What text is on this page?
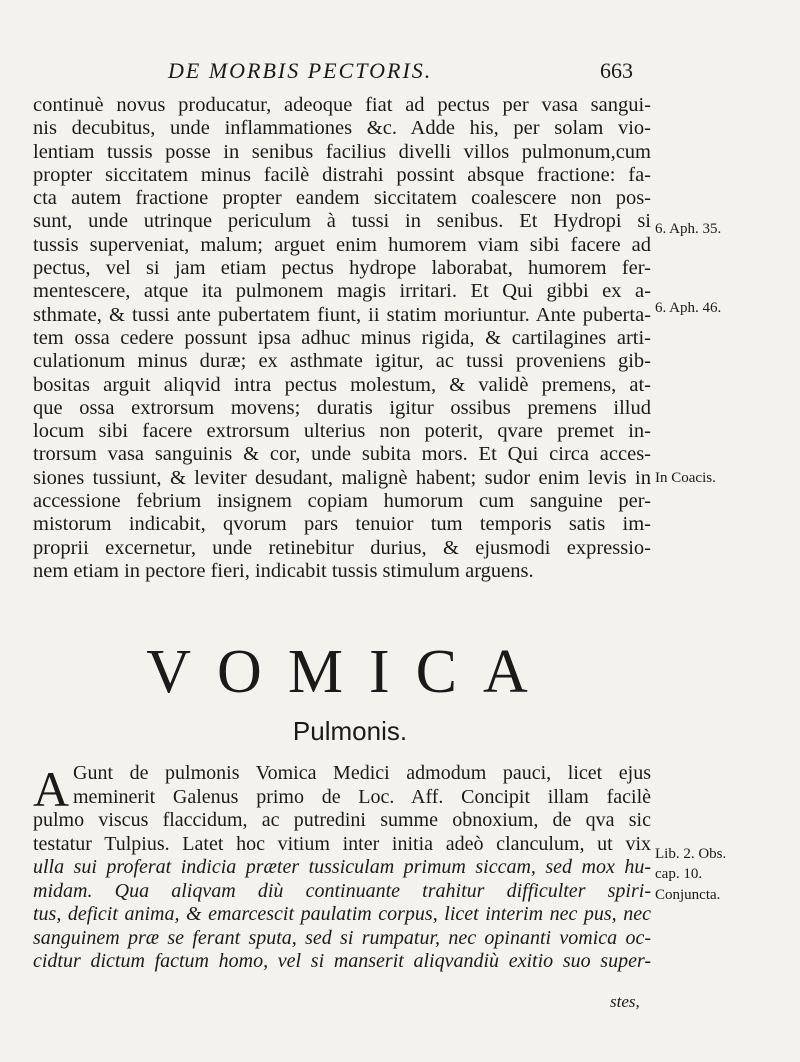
DE MORBIS PECTORIS.	663
continuè novus producatur, adeoque fiat ad pectus per vasa sangui-
nis decubitus, unde inflammationes &c. Adde his, per solam vio-
lentiam tussis posse in senibus facilius divelli villos pulmonum,cum
propter siccitatem minus facilè distrahi possint absque fractione: fa-
cta autem fractione propter eandem siccitatem coalescere non pos-
sunt, unde utrinque periculum à tussi in senibus. Et Hydropi si
tussis superveniat, malum; arguet enim humorem viam sibi facere ad
pectus, vel si jam etiam pectus hydrope laborabat, humorem fer-
mentescere, atque ita pulmonem magis irritari. Et Qui gibbi ex a-
sthmate, & tussi ante pubertatem fiunt, ii statim moriuntur. Ante puberta-
tem ossa cedere possunt ipsa adhuc minus rigida, & cartilagines arti-
culationum minus duræ; ex asthmate igitur, ac tussi proveniens gib-
bositas arguit aliqvid intra pectus molestum, & validè premens, at-
que ossa extrorsum movens; duratis igitur ossibus premens illud
locum sibi facere extrorsum ulterius non poterit, qvare premet in-
trorsum vasa sanguinis & cor, unde subita mors. Et Qui circa acces-
siones tussiunt, & leviter desudant, malignè habent; sudor enim levis in
accessione febrium insignem copiam humorum cum sanguine per-
mistorum indicabit, qvorum pars tenuior tum temporis satis im-
proprii excernetur, unde retinebitur durius, & ejusmodi expressio-
nem etiam in pectore fieri, indicabit tussis stimulum arguens.
6. Aph. 35.
6. Aph. 46.
In Coacis.
VOMICA
Pulmonis.
A Gunt de pulmonis Vomica Medici admodum pauci, licet ejus
meminerit Galenus primo de Loc. Aff. Concipit illam facilè
pulmo viscus flaccidum, ac putredini summe obnoxium, de qva sic
testatur Tulpius. Latet hoc vitium inter initia adeò clanculum, ut vix
ulla sui proferat indicia præter tussiculam primum siccam, sed mox hu-
midam. Qua aliqvam diù continuante trahitur difficulter spiri-
tus, deficit anima, & emarcescit paulatim corpus, licet interim nec pus, nec
sanguinem præ se ferant sputa, sed si rumpatur, nec opinanti vomica oc-
cidtur dictum factum homo, vel si manserit aliqvandiù exitio suo super-
stes,
Lib. 2. Obs.
cap. 10.
Conjuncta.
